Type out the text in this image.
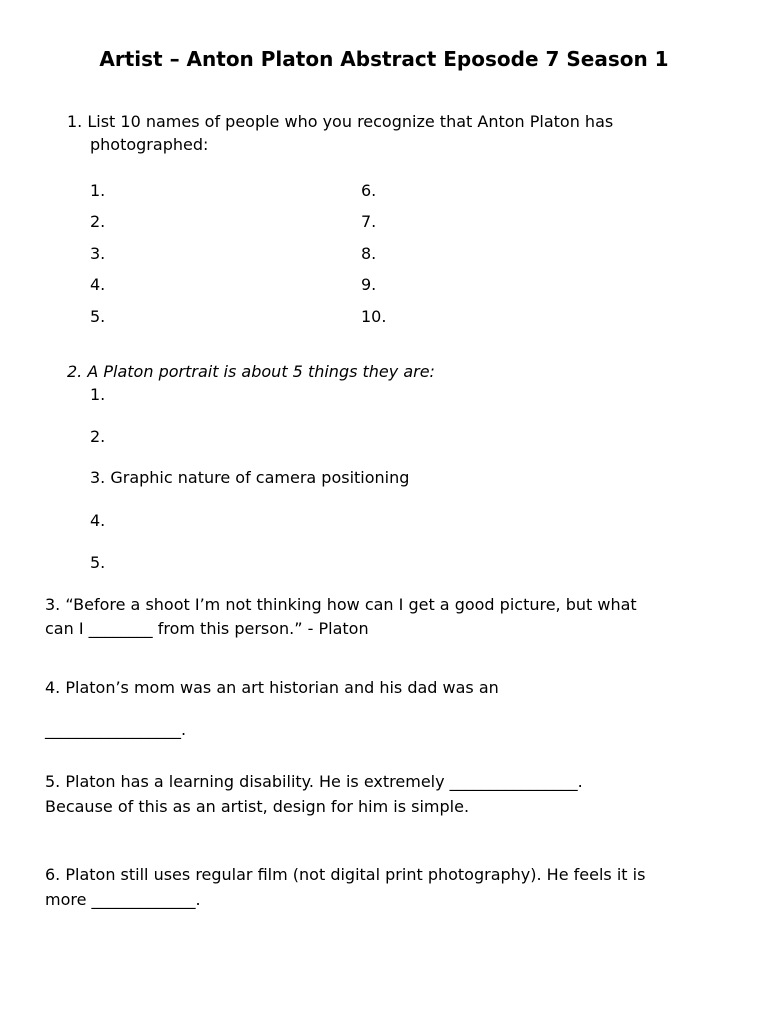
Artist – Anton Platon Abstract Eposode 7 Season 1
1. List 10 names of people who you recognize that Anton Platon has
photographed:
1.
2.
3.
4.
5.
6.
7.
8.
9.
10.
2. A Platon portrait is about 5 things they are:
1.
2.
3. Graphic nature of camera positioning
4.
5.
3. “Before a shoot I’m not thinking how can I get a good picture, but what
can I ________ from this person.” - Platon
4. Platon’s mom was an art historian and his dad was an
_________________.
5. Platon has a learning disability. He is extremely ________________.
Because of this as an artist, design for him is simple.
6. Platon still uses regular film (not digital print photography). He feels it is
more _____________.
